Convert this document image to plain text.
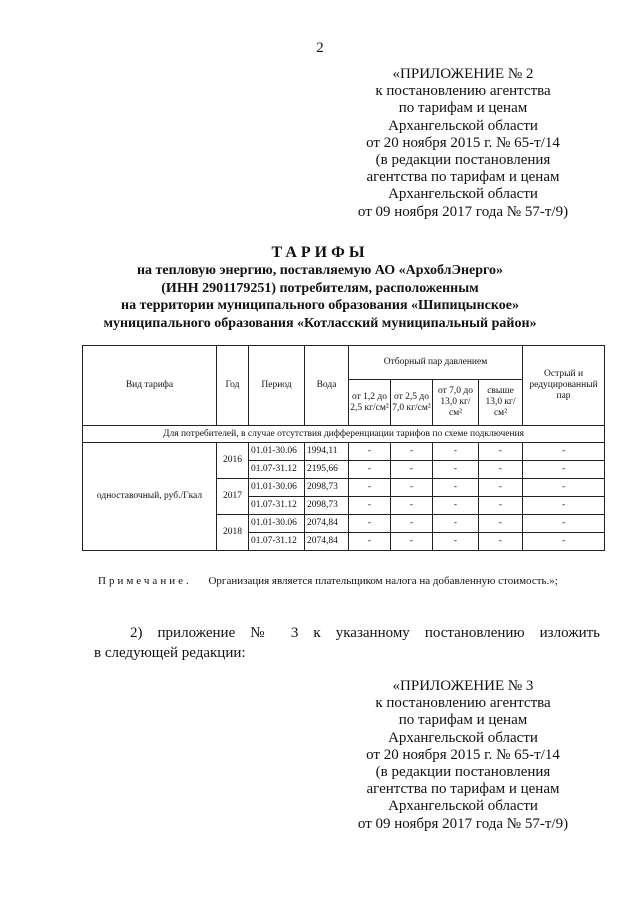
2
«ПРИЛОЖЕНИЕ № 2
к постановлению агентства
по тарифам и ценам
Архангельской области
от 20 ноября 2015 г. № 65-т/14
(в редакции постановления
агентства по тарифам и ценам
Архангельской области
от 09 ноября 2017 года № 57-т/9)
ТАРИФЫ
на тепловую энергию, поставляемую АО «АрхоблЭнерго»
(ИНН 2901179251) потребителям, расположенным
на территории муниципального образования «Шипицынское»
муниципального образования «Котласский муниципальный район»
Вид тарифа	Год	Период	Вода	Отборный пар давлением				Острый и редуцированный пар
				от 1,2 до 2,5 кг/см²	от 2,5 до 7,0 кг/см²	от 7,0 до 13,0 кг/см²	свыше 13,0 кг/см²	
Для потребителей, в случае отсутствия дифференциации тарифов по схеме подключения								
одноставочный, руб./Гкал	2016	01.01-30.06	1994,11	-	-	-	-	-
		01.07-31.12	2195,66	-	-	-	-	-
	2017	01.01-30.06	2098,73	-	-	-	-	-
		01.07-31.12	2098,73	-	-	-	-	-
	2018	01.01-30.06	2074,84	-	-	-	-	-
		01.07-31.12	2074,84	-	-	-	-	-
Примечание. Организация является плательщиком налога на добавленную стоимость.»;
2) приложение № 3 к указанному постановлению изложить
в следующей редакции:
«ПРИЛОЖЕНИЕ № 3
к постановлению агентства
по тарифам и ценам
Архангельской области
от 20 ноября 2015 г. № 65-т/14
(в редакции постановления
агентства по тарифам и ценам
Архангельской области
от 09 ноября 2017 года № 57-т/9)
